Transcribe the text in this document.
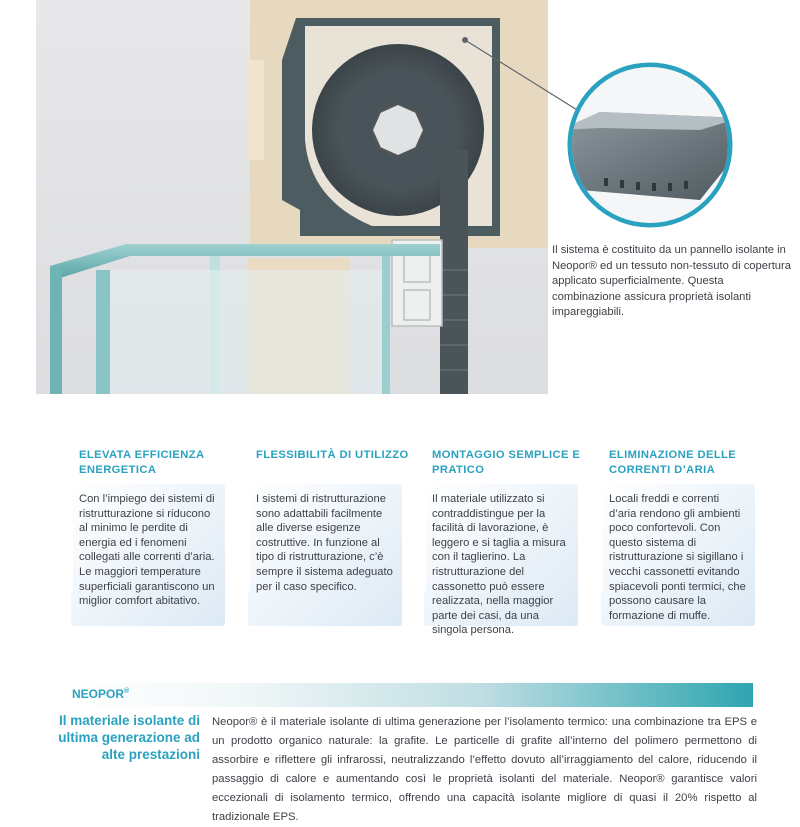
Il sistema è costituito da un pannello isolante in Neopor® ed un tessuto non-tessuto di copertura applicato superficialmente. Questa combinazione assicura proprietà isolanti impareggiabili.

ELEVATA EFFICIENZA ENERGETICA

Con l’impiego dei sistemi di ristrutturazione si riducono al minimo le perdite di energia ed i fenomeni collegati alle correnti d’aria. Le maggiori temperature superficiali garantiscono un miglior comfort abitativo.

FLESSIBILITÀ DI UTILIZZO

I sistemi di ristrutturazione sono adattabili facilmente alle diverse esigenze costruttive. In funzione al tipo di ristrutturazione, c’è sempre il sistema adeguato per il caso specifico.

MONTAGGIO SEMPLICE E PRATICO

Il materiale utilizzato si contraddistingue per la facilità di lavorazione, è leggero e si taglia a misura con il taglierino. La ristrutturazione del cassonetto può essere realizzata, nella maggior parte dei casi, da una singola persona.

ELIMINAZIONE DELLE CORRENTI D’ARIA

Locali freddi e correnti d’aria rendono gli ambienti poco confortevoli. Con questo sistema di ristrutturazione si sigillano i vecchi cassonetti evitando spiacevoli ponti termici, che possono causare la formazione di muffe.

NEOPOR®

Il materiale isolante di ultima generazione ad alte prestazioni

Neopor® è il materiale isolante di ultima generazione per l’isolamento termico: una combinazione tra EPS e un prodotto organico naturale: la grafite. Le particelle di grafite all’interno del polimero permettono di assorbire e riflettere gli infrarossi, neutralizzando l’effetto dovuto all’irraggiamento del calore, riducendo il passaggio di calore e aumentando così le proprietà isolanti del materiale. Neopor® garantisce valori eccezionali di isolamento termico, offrendo una capacità isolante migliore di quasi il 20% rispetto al tradizionale EPS.
